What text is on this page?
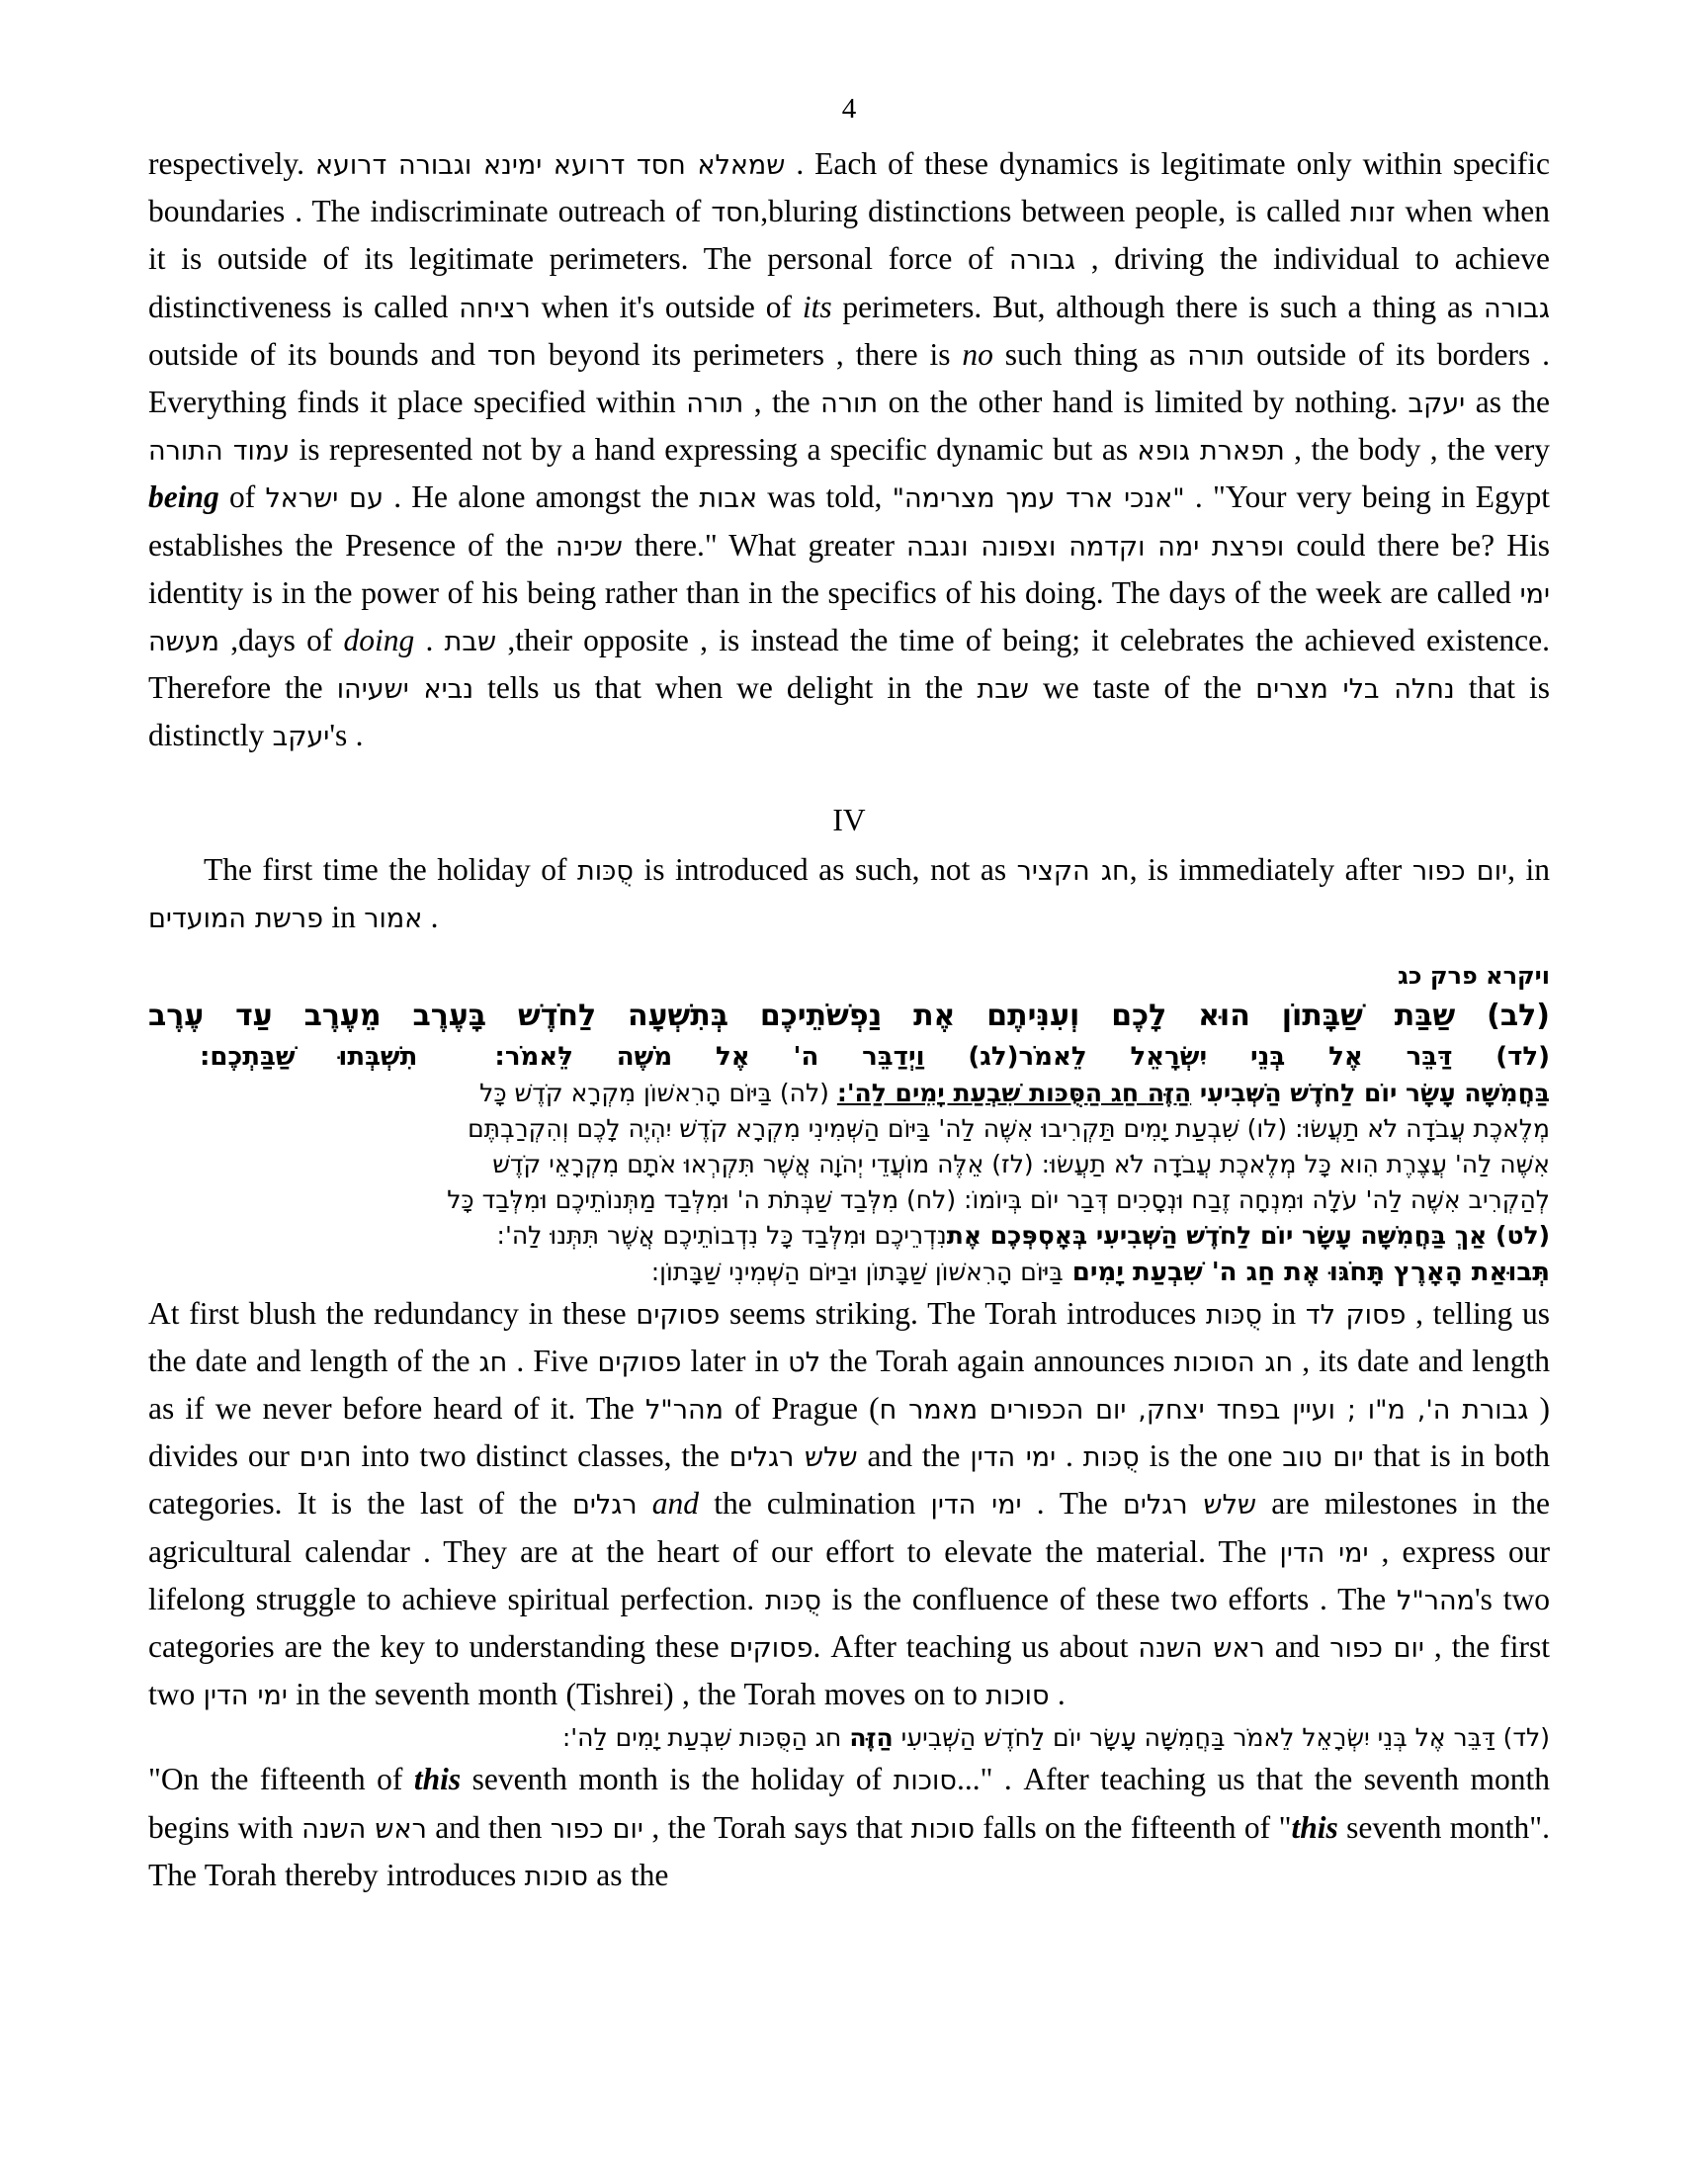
4

respectively. שמאלא חסד דרועא ימינא וגבורה דרועא . Each of these dynamics is legitimate only within specific boundaries . The indiscriminate outreach of חסד,bluring distinctions between people, is called זנות when when it is outside of its legitimate perimeters. The personal force of גבורה , driving the individual to achieve distinctiveness is called רציחה when it's outside of its perimeters. But, although there is such a thing as גבורה outside of its bounds and חסד beyond its perimeters , there is no such thing as תורה outside of its borders . Everything finds it place specified within תורה , the תורה on the other hand is limited by nothing. יעקב as the עמוד התורה is represented not by a hand expressing a specific dynamic but as תפארת גופא , the body , the very being of עם ישראל . He alone amongst the אבות was told, "אנכי ארד עמך מצרימה" . "Your very being in Egypt establishes the Presence of the שכינה there." What greater ופרצת ימה וקדמה וצפונה ונגבה could there be? His identity is in the power of his being rather than in the specifics of his doing. The days of the week are called ימי מעשה ,days of doing . שבת ,their opposite , is instead the time of being; it celebrates the achieved existence. Therefore the נביא ישעיהו tells us that when we delight in the שבת we taste of the נחלה בלי מצרים that is distinctly יעקב's .

IV

The first time the holiday of סֻכּות is introduced as such, not as חג הקציר, is immediately after יום כפור, in פרשת המועדים in אמור .

ויקרא פרק כג
(לב) שַבַּת שַׁבָּתוֹן הוּא לָכֶם וְעִנִּיתֶם אֶת נַפְשֹׁתֵיכֶם בְּתִשְׁעָה לַחֹדֶשׁ בָּעֶרֶב מֵעֶרֶב עַד עֶרֶב
(לד) דַּבֵּר אֶל בְּנֵי יִשְׂרָאֵל לֵאמֹר(לג) וַיְדַבֵּר ה' אֶל מֹשֶׁה לֵּאמֹר:   תִשְׁבְּתוּ שַׁבַּתְכֶם:  
בַּחֲמִשָּׁה עָשָׂר יוֹם לַחֹדֶשׁ הַשְּׁבִיעִי הַזֶּה חַג הַסֻּכּות שִׁבְעַת יָמִים לַה': (לה) בַּיּוֹם הָרִאשׁוֹן מִקְרָא קֹדֶשׁ כָּל
מְלֶאכֶת עֲבֹדָה לֹא תַעֲשׂוּ: (לו) שִׁבְעַת יָמִים תַּקְרִיבוּ אִשֶּׁה לַה' בַּיּוֹם הַשְּׁמִינִי מִקְרָא קֹדֶשׁ יִהְיֶה לָכֶם וְהִקְרַבְתֶּם
אִשֶּׁה לַה' עֲצֶרֶת הִוא כָּל מְלֶאכֶת עֲבֹדָה לֹא תַעֲשׂוּ: (לז) אֵלֶּה מוֹעֲדֵי יְהֹוָה אֲשֶׁר תִּקְרְאוּ אֹתָם מִקְרָאֵי קֹדֶשׁ
לְהַקְרִיב אִשֶּׁה לַה' עֹלָה וּמִנְחָה זֶבַח וּנְסָכִים דְּבַר יוֹם בְּיוֹמוֹ: (לח) מִלְּבַד שַׁבְּתֹת ה' וּמִלְּבַד מַתְּנוֹתֵיכֶם וּמִלְּבַד כָּל
(לט) אַךְ בַּחֲמִשָּׁה עָשָׂר יוֹם לַחֹדֶשׁ הַשְּׁבִיעִי בְּאָסְפְּכֶם אֶתנִדְרֵיכֶם וּמִלְּבַד כָּל נִדְבוֹתֵיכֶם אֲשֶׁר תִּתְּנוּ לַה':   
תְּבוּאַת הָאָרֶץ תָּחֹגּוּ אֶת חַג ה' שִׁבְעַת יָמִים בַּיּוֹם הָרִאשׁוֹן שַׁבָּתוֹן וּבַיּוֹם הַשְּׁמִינִי שַׁבָּתוֹן:

At first blush the redundancy in these פסוקים seems striking. The Torah introduces סֻכּות in פסוק לד , telling us the date and length of the חג . Five פסוקים later in לט the Torah again announces חג הסוכות , its date and length as if we never before heard of it. The מהר"ל of Prague (גבורת ה', מ"ו ; ועיין בפחד יצחק, יום הכפורים מאמר ח ) divides our חגים into two distinct classes, the שלש רגלים and the ימי הדין . סֻכּות is the one יום טוב that is in both categories. It is the last of the רגלים and the culmination ימי הדין . The שלש רגלים are milestones in the agricultural calendar . They are at the heart of our effort to elevate the material. The ימי הדין , express our lifelong struggle to achieve spiritual perfection. סֻכּות is the confluence of these two efforts . The מהר"ל's two categories are the key to understanding these פסוקים. After teaching us about ראש השנה and יום כפור , the first two ימי הדין in the seventh month (Tishrei) , the Torah moves on to סוכות .

(לד) דַּבֵּר אֶל בְּנֵי יִשְׂרָאֵל לֵאמֹר בַּחֲמִשָּׁה עָשָׂר יוֹם לַחֹדֶשׁ הַשְּׁבִיעִי הַזֶּה חג הַסֻּכּות שִׁבְעַת יָמִים לַה':

"On the fifteenth of this seventh month is the holiday of סוכות..." . After teaching us that the seventh month begins with ראש השנה and then יום כפור , the Torah says that סוכות falls on the fifteenth of "this seventh month". The Torah thereby introduces סוכות as the
